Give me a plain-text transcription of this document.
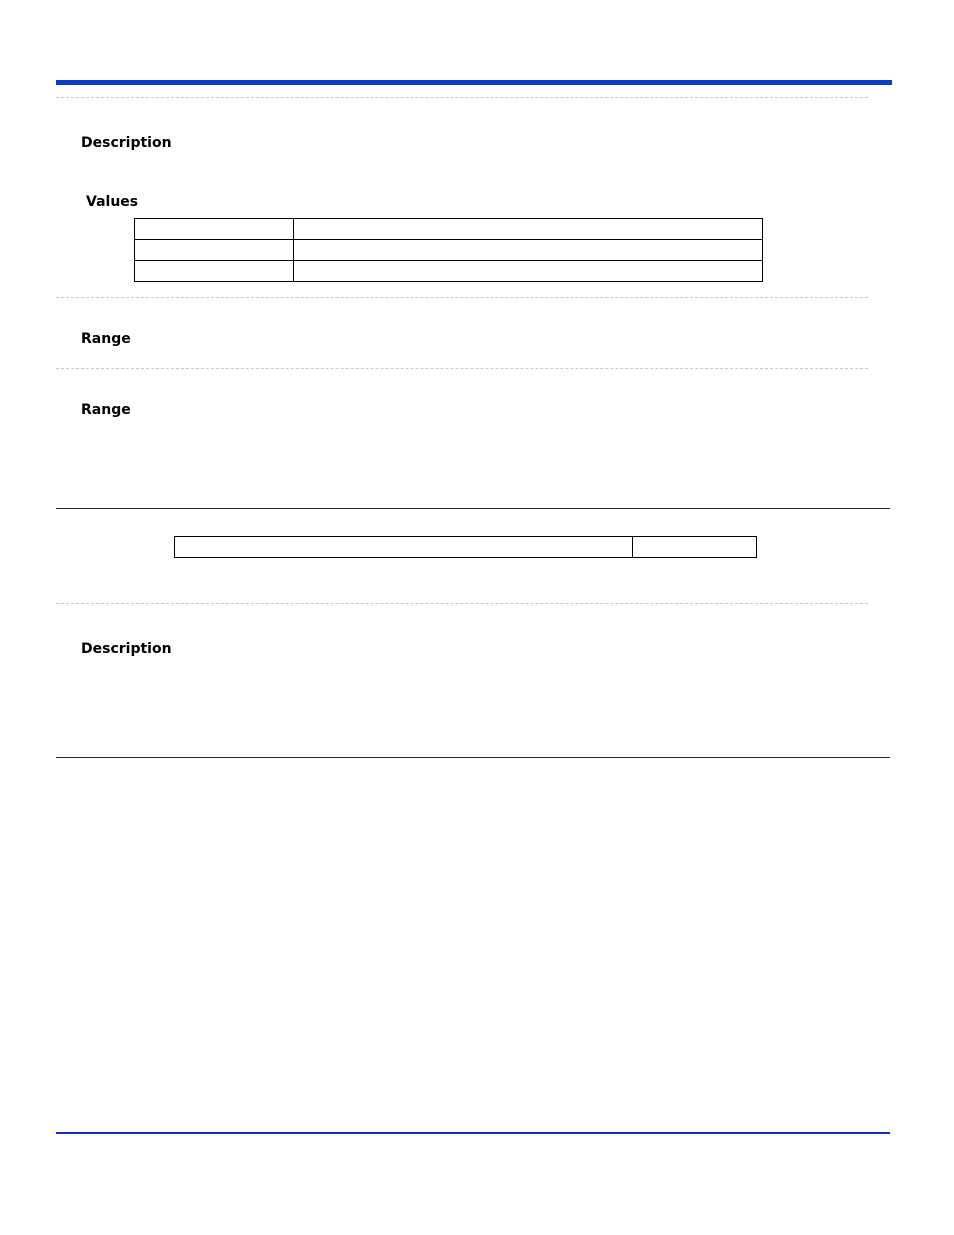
Description
Values

Range
Range

Description
